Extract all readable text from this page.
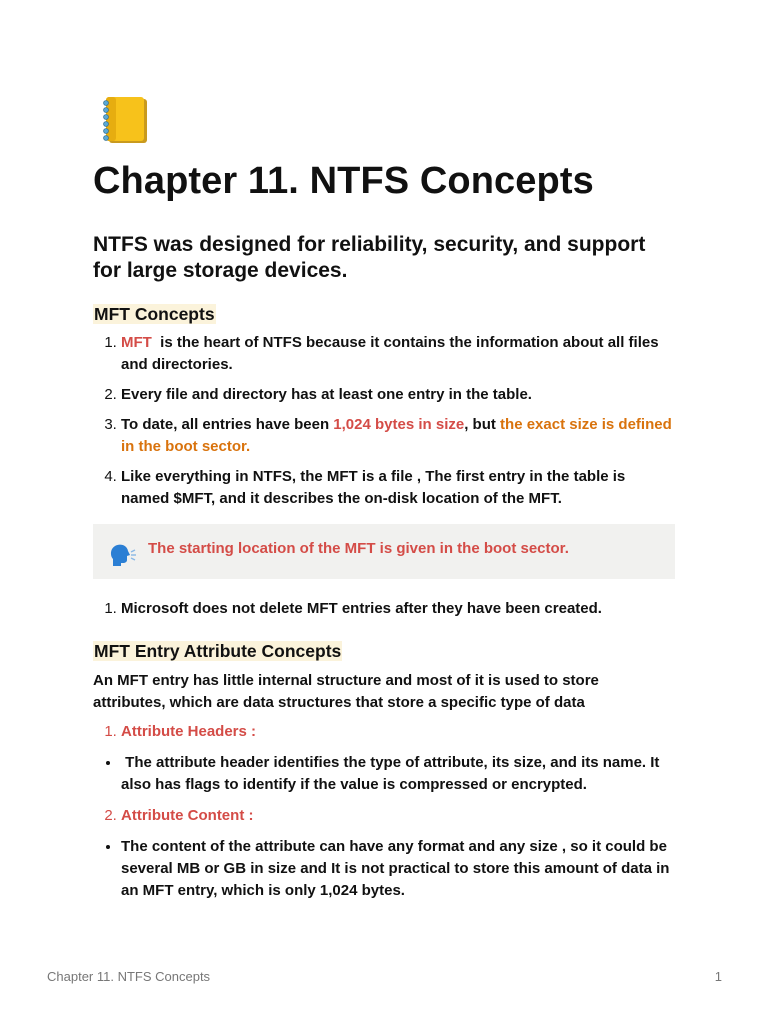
Chapter 11. NTFS Concepts
NTFS was designed for reliability, security, and support for large storage devices.
MFT Concepts
1. MFT  is the heart of NTFS because it contains the information about all files and directories.
2. Every file and directory has at least one entry in the table.
3. To date, all entries have been 1,024 bytes in size, but the exact size is defined in the boot sector.
4. Like everything in NTFS, the MFT is a file , The first entry in the table is named $MFT, and it describes the on-disk location of the MFT.
The starting location of the MFT is given in the boot sector.
1. Microsoft does not delete MFT entries after they have been created.
MFT Entry Attribute Concepts

An MFT entry has little internal structure and most of it is used to store attributes, which are data structures that store a specific type of data

1. Attribute Headers :
•  The attribute header identifies the type of attribute, its size, and its name. It also has flags to identify if the value is compressed or encrypted.
2. Attribute Content :
• The content of the attribute can have any format and any size , so it could be several MB or GB in size and It is not practical to store this amount of data in an MFT entry, which is only 1,024 bytes.
Chapter 11. NTFS Concepts	1
